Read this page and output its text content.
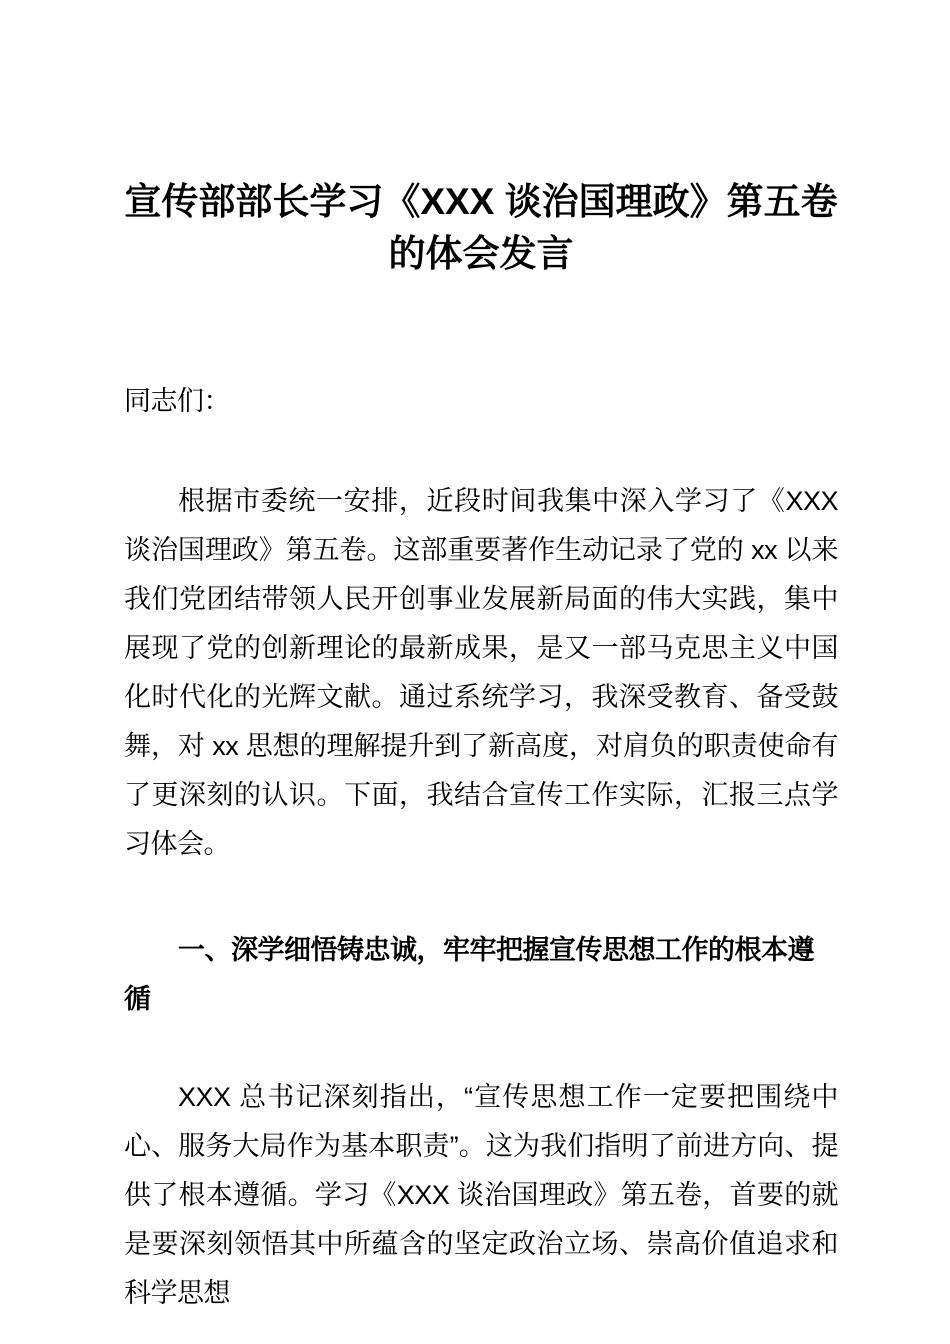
宣传部部长学习《XXX 谈治国理政》第五卷的体会发言

同志们：

根据市委统一安排，近段时间我集中深入学习了《XXX 谈治国理政》第五卷。这部重要著作生动记录了党的 xx 以来我们党团结带领人民开创事业发展新局面的伟大实践，集中展现了党的创新理论的最新成果，是又一部马克思主义中国化时代化的光辉文献。通过系统学习，我深受教育、备受鼓舞，对 xx 思想的理解提升到了新高度，对肩负的职责使命有了更深刻的认识。下面，我结合宣传工作实际，汇报三点学习体会。

一、深学细悟铸忠诚，牢牢把握宣传思想工作的根本遵循

XXX 总书记深刻指出，“宣传思想工作一定要把围绕中心、服务大局作为基本职责”。这为我们指明了前进方向、提供了根本遵循。学习《XXX 谈治国理政》第五卷，首要的就是要深刻领悟其中所蕴含的坚定政治立场、崇高价值追求和科学思想
